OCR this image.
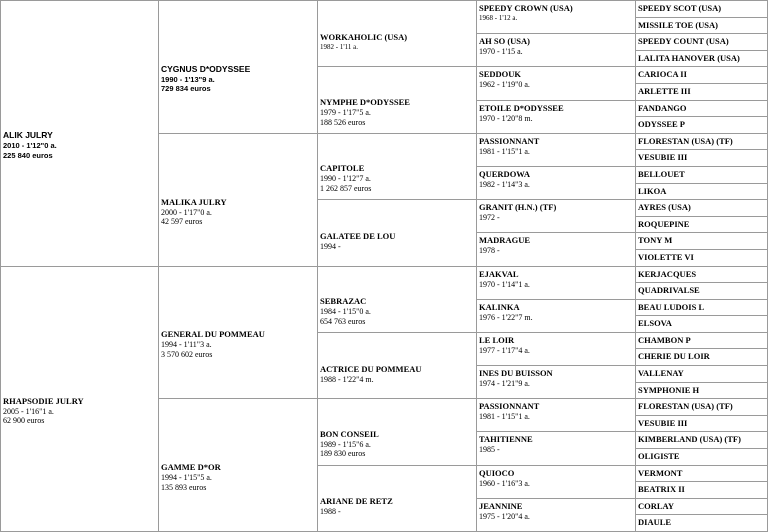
ALIK JULRY
2010 - 1'12"0 a.
225 840 euros
RHAPSODIE JULRY
2005 - 1'16"1 a.
62 900 euros
CYGNUS D*ODYSSEE
1990 - 1'13"9 a.
729 834 euros
MALIKA JULRY
2000 - 1'17"0 a.
42 597 euros
GENERAL DU POMMEAU
1994 - 1'11"3 a.
3 570 602 euros
GAMME D*OR
1994 - 1'15"5 a.
135 893 euros
WORKAHOLIC (USA)
1982 - 1'11 a.
NYMPHE D*ODYSSEE
1979 - 1'17"5 a.
188 526 euros
CAPITOLE
1990 - 1'12"7 a.
1 262 857 euros
GALATEE DE LOU
1994 -
SEBRAZAC
1984 - 1'15"0 a.
654 763 euros
ACTRICE DU POMMEAU
1988 - 1'22"4 m.
BON CONSEIL
1989 - 1'15"6 a.
189 830 euros
ARIANE DE RETZ
1988 -
SPEEDY CROWN (USA)
1968 - 1'12 a.
AH SO (USA)
1970 - 1'15 a.
SEDDOUK
1962 - 1'19"0 a.
ETOILE D*ODYSSEE
1970 - 1'20"8 m.
PASSIONNANT
1981 - 1'15"1 a.
QUERDOWA
1982 - 1'14"3 a.
GRANIT (H.N.) (TF)
1972 -
MADRAGUE
1978 -
EJAKVAL
1970 - 1'14"1 a.
KALINKA
1976 - 1'22"7 m.
LE LOIR
1977 - 1'17"4 a.
INES DU BUISSON
1974 - 1'21"9 a.
PASSIONNANT
1981 - 1'15"1 a.
TAHITIENNE
1985 -
QUIOCO
1960 - 1'16"3 a.
JEANNINE
1975 - 1'20"4 a.
SPEEDY SCOT (USA)
MISSILE TOE (USA)
SPEEDY COUNT (USA)
LALITA HANOVER (USA)
CARIOCA II
ARLETTE III
FANDANGO
ODYSSEE P
FLORESTAN (USA) (TF)
VESUBIE III
BELLOUET
LIKOA
AYRES (USA)
ROQUEPINE
TONY M
VIOLETTE VI
KERJACQUES
QUADRIVALSE
BEAU LUDOIS L
ELSOVA
CHAMBON P
CHERIE DU LOIR
VALLENAY
SYMPHONIE H
FLORESTAN (USA) (TF)
VESUBIE III
KIMBERLAND (USA) (TF)
OLIGISTE
VERMONT
BEATRIX II
CORLAY
DIAULE
